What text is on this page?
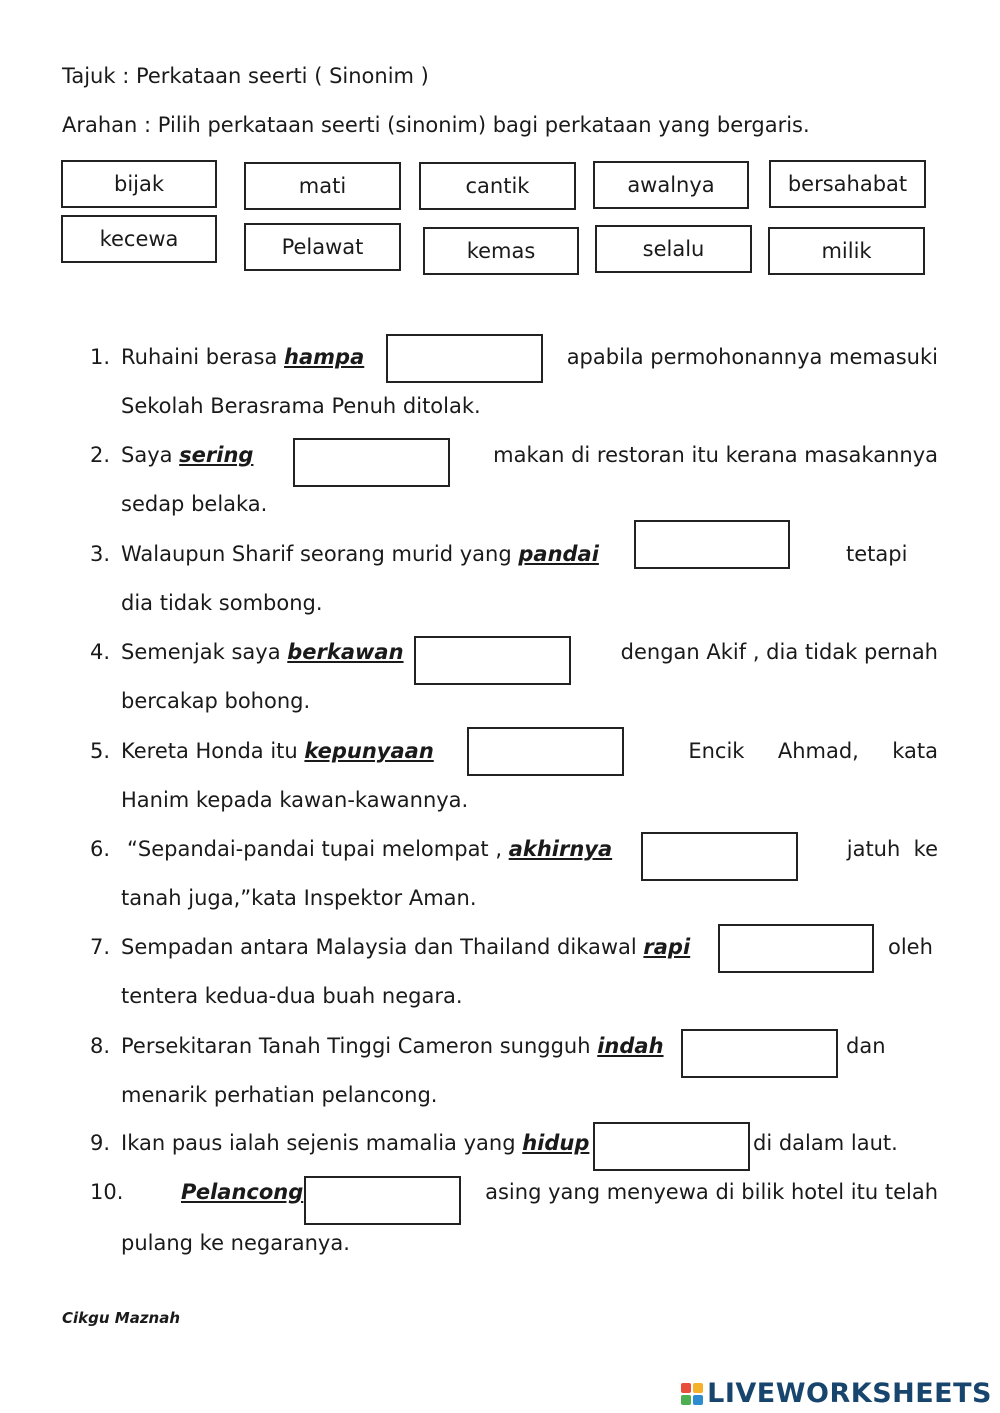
Tajuk : Perkataan seerti ( Sinonim )
Arahan : Pilih perkataan seerti (sinonim) bagi perkataan yang bergaris.
bijak	mati	cantik	awalnya	bersahabat
kecewa	Pelawat	kemas	selalu	milik
1. Ruhaini berasa hampa	apabila permohonannya memasuki
Sekolah Berasrama Penuh ditolak.
2. Saya sering	makan di restoran itu kerana masakannya
sedap belaka.
3. Walaupun Sharif seorang murid yang pandai	tetapi
dia tidak sombong.
4. Semenjak saya berkawan	dengan Akif , dia tidak pernah
bercakap bohong.
5. Kereta Honda itu kepunyaan	Encik     Ahmad,     kata
Hanim kepada kawan-kawannya.
6. “Sepandai-pandai tupai melompat , akhirnya	jatuh  ke
tanah juga,”kata Inspektor Aman.
7. Sempadan antara Malaysia dan Thailand dikawal rapi	oleh
tentera kedua-dua buah negara.
8. Persekitaran Tanah Tinggi Cameron sungguh indah	dan
menarik perhatian pelancong.
9. Ikan paus ialah sejenis mamalia yang hidup	di dalam laut.
10.	Pelancong	asing yang menyewa di bilik hotel itu telah
pulang ke negaranya.
Cikgu Maznah
LIVEWORKSHEETS
